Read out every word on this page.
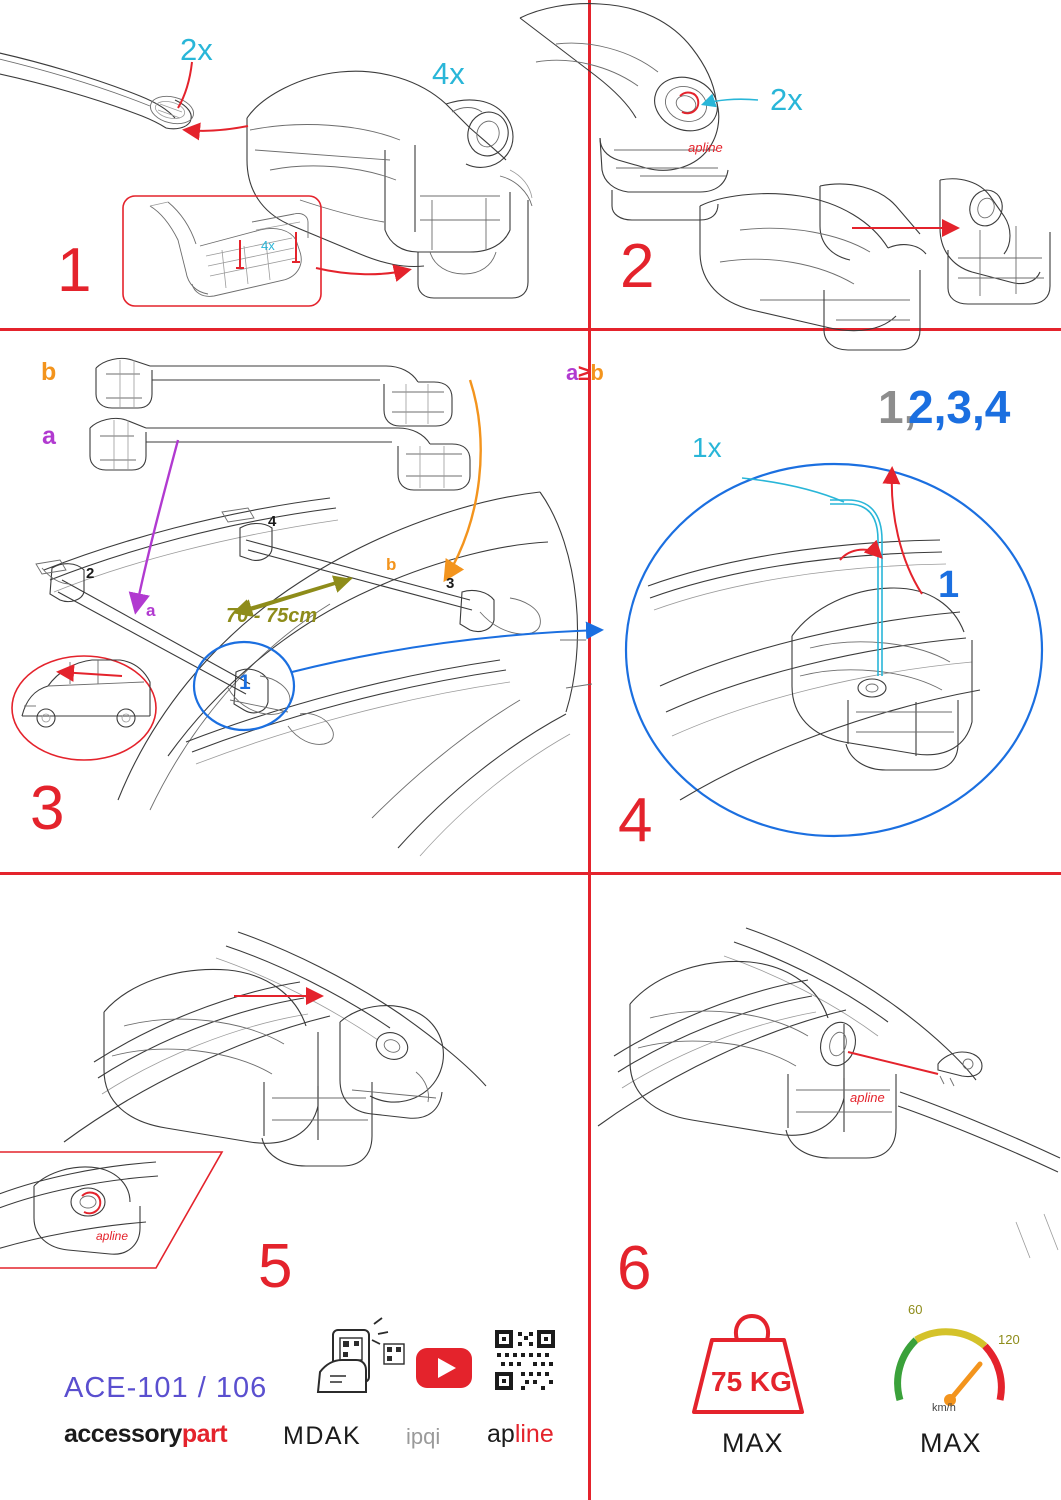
apline
apline
apline
2x
4x
4x
1
2x
2
b
a
a
b
70 - 75cm
2
3
4
1
3
a≥b
1x
1,
2,3,4
1
4
5	6
ACE-101 / 106
accessorypart MDAK ipqi apline
75 KG
MAX	MAX
km/h
60
120
